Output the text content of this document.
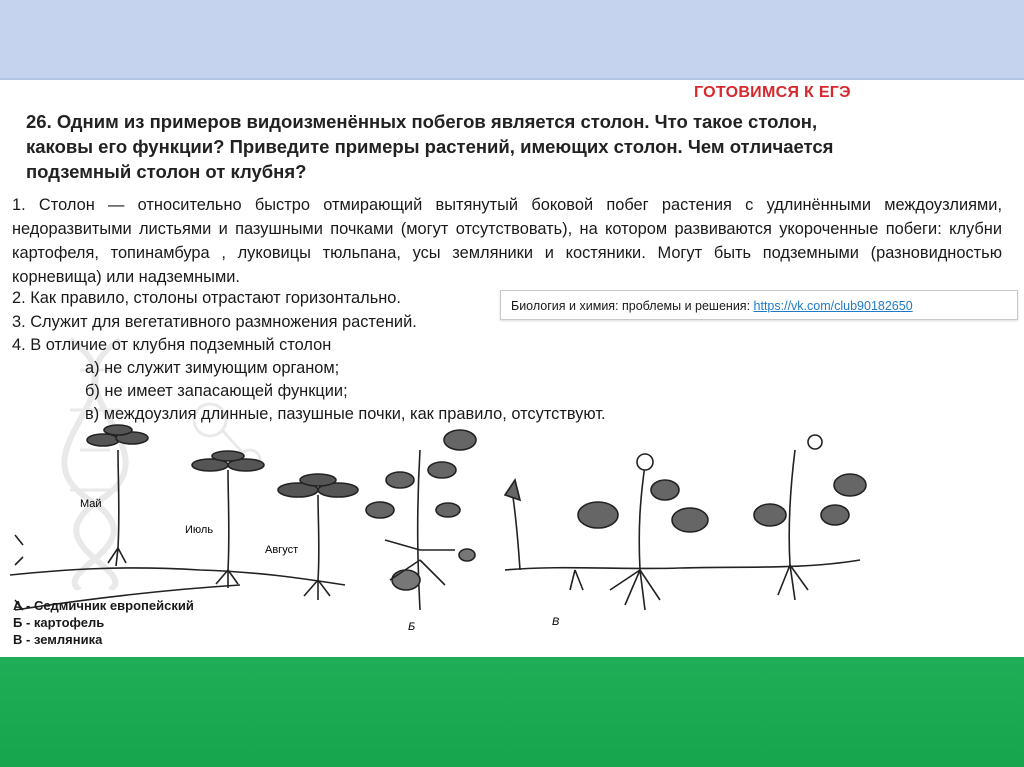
ГОТОВИМСЯ К ЕГЭ
26. Одним из примеров видоизменённых побегов является столон. Что такое столон,
каковы его функции? Приведите примеры растений, имеющих столон. Чем отличается
подземный столон от клубня?
1. Столон — относительно быстро отмирающий вытянутый боковой побег растения с удлинёнными междоузлиями, недоразвитыми листьями и пазушными почками (могут отсутствовать), на котором развиваются укороченные побеги: клубни картофеля, топинамбура , луковицы тюльпана, усы земляники и костяники. Могут быть подземными (разновидностью корневища) или надземными.
2. Как правило, столоны отрастают горизонтально.
3. Служит для вегетативного размножения растений.
4. В отличие от клубня подземный столон
а) не служит зимующим органом;
б) не имеет запасающей функции;
в) междоузлия длинные, пазушные почки, как правило, отсутствуют.
Биология и химия: проблемы и решения: https://vk.com/club90182650
Май
Июль
Август
Б	В
А - Седмичник европейский
Б - картофель
В - земляника
